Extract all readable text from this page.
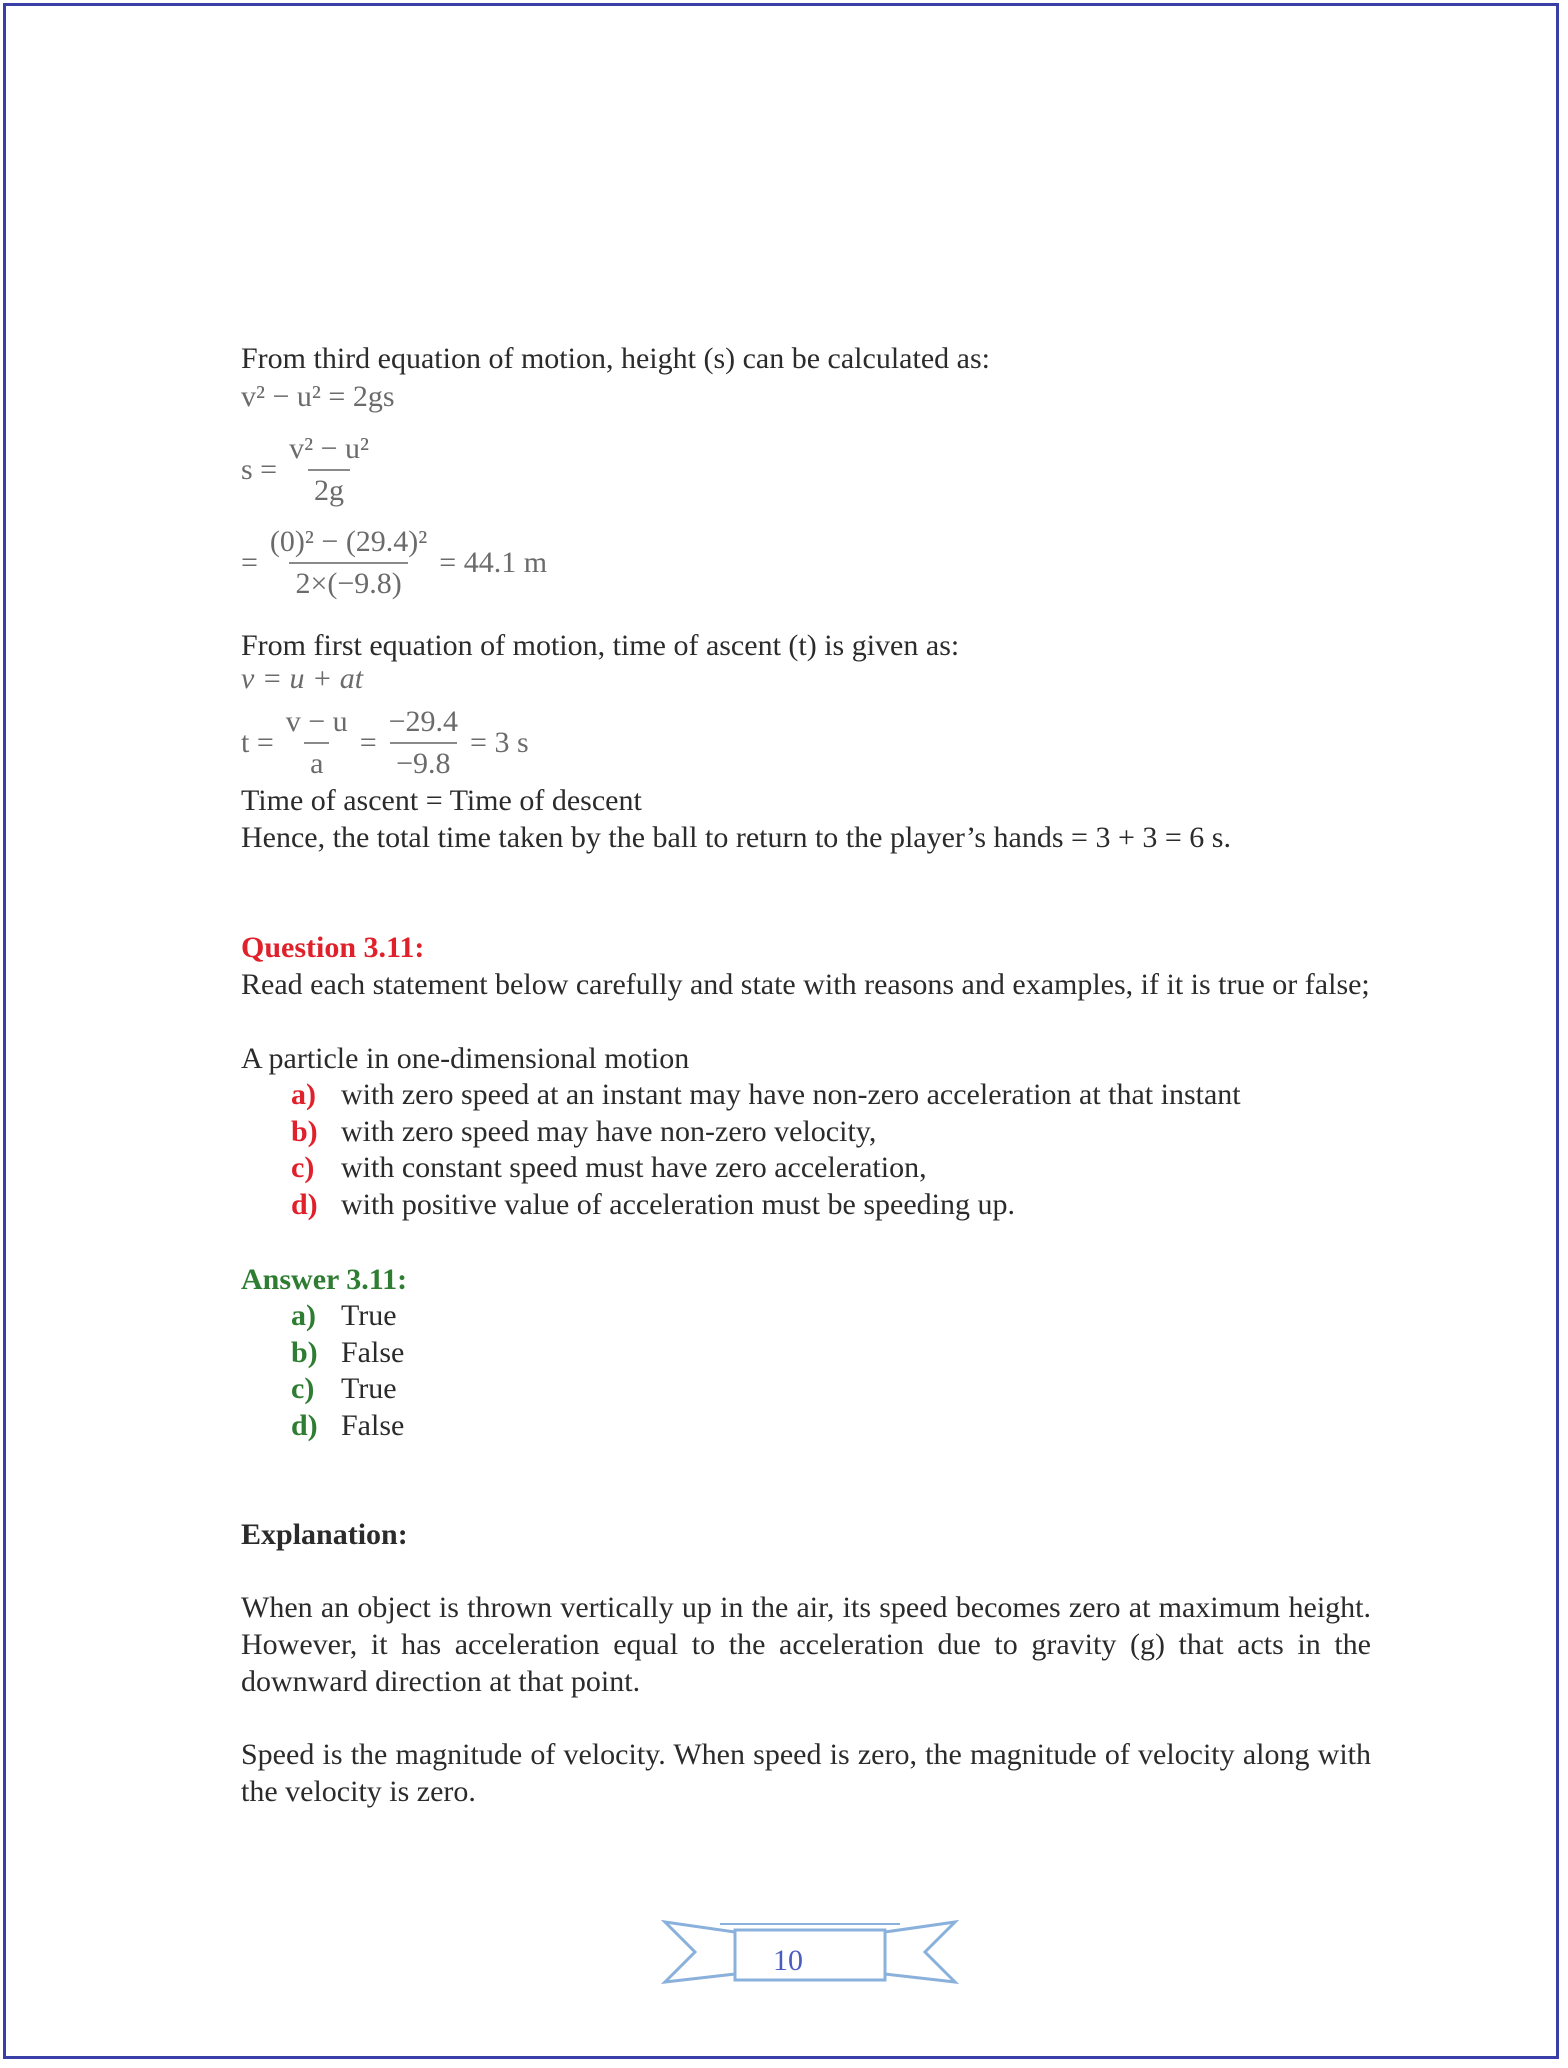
From third equation of motion, height (s) can be calculated as:
v² − u² = 2gs
$s = \frac{\text{v² − u²}}{2g}$
= $\frac{\text{(0)² − (29.4)²}}{2\times(-9.8)} = 44.1$ m
From first equation of motion, time of ascent (t) is given as:
v = u + at
$t = \frac{v - u}{a} = \frac{-29.4}{-9.8} = 3$ s
Time of ascent = Time of descent
Hence, the total time taken by the ball to return to the player’s hands = 3 + 3 = 6 s.
Question 3.11:
Read each statement below carefully and state with reasons and examples, if it is true or false;
A particle in one-dimensional motion
a) with zero speed at an instant may have non-zero acceleration at that instant
b) with zero speed may have non-zero velocity,
c) with constant speed must have zero acceleration,
d) with positive value of acceleration must be speeding up.
Answer 3.11:
a) True
b) False
c) True
d) False
Explanation:
When an object is thrown vertically up in the air, its speed becomes zero at maximum height. However, it has acceleration equal to the acceleration due to gravity (g) that acts in the downward direction at that point.
Speed is the magnitude of velocity. When speed is zero, the magnitude of velocity along with the velocity is zero.
10
